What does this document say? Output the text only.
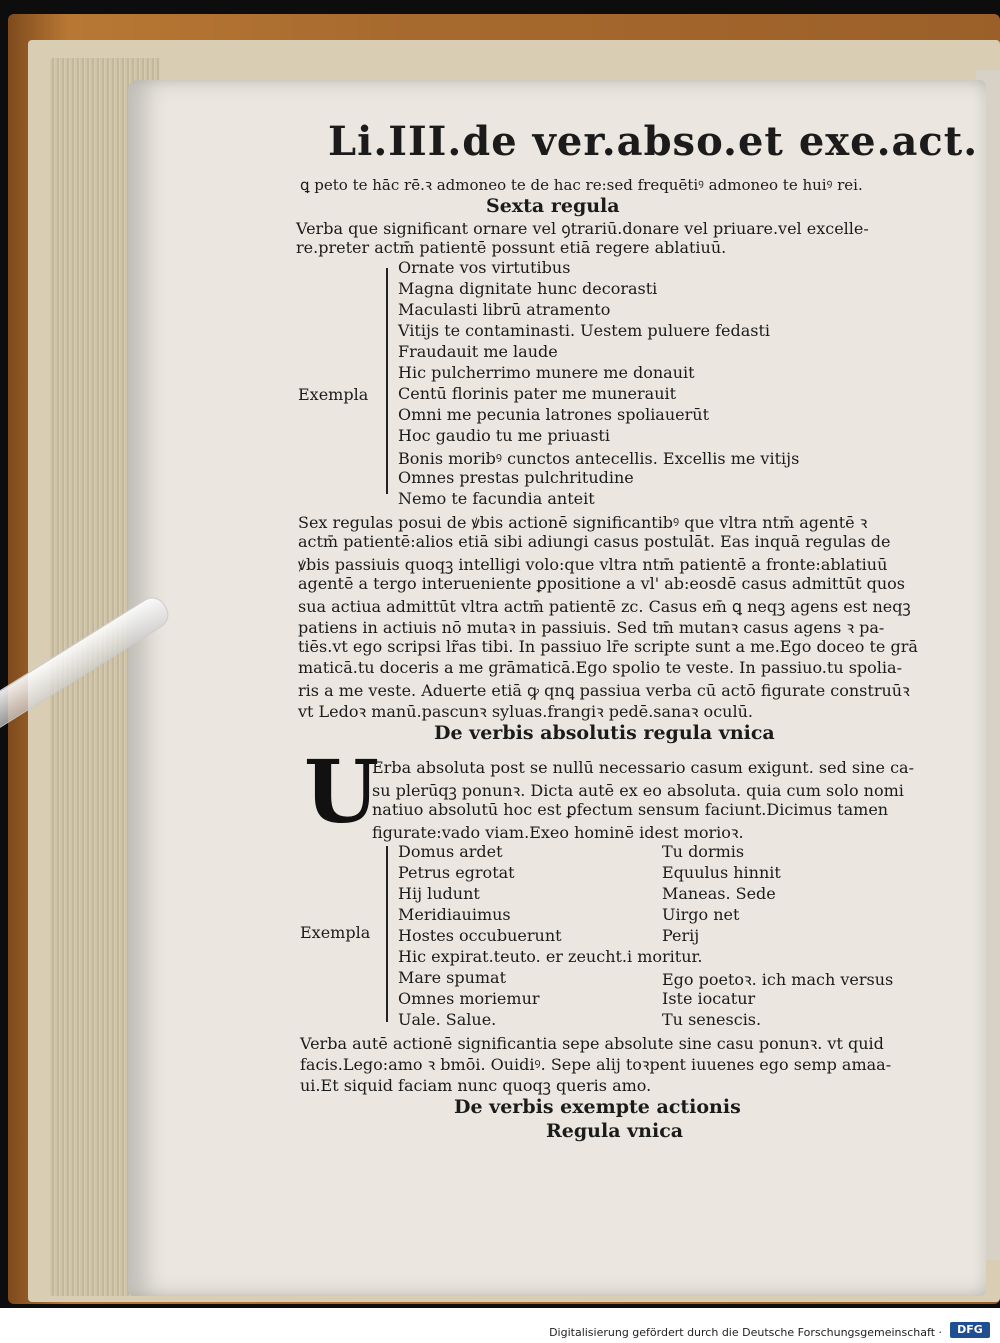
Li.III.de ver.abso.et exe.act.
ꝗ peto te hāc rē.ꝛ admoneo te de hac re:sed frequētiꝰ admoneo te huiꝰ rei.
Sexta regula
Verba que significant ornare vel ꝯtrariū.donare vel priuare.vel excelle-
re.preter actm̄ patientē possunt etiā regere ablatiuū.
Exempla
Ornate vos virtutibus
Magna dignitate hunc decorasti
Maculasti librū atramento
Vitijs te contaminasti. Uestem puluere fedasti
Fraudauit me laude
Hic pulcherrimo munere me donauit
Centū florinis pater me munerauit
Omni me pecunia latrones spoliauerūt
Hoc gaudio tu me priuasti
Bonis moribꝰ cunctos antecellis. Excellis me vitijs
Omnes prestas pulchritudine
Nemo te facundia anteit
Sex regulas posui de ꝟbis actionē significantibꝰ que vltra ntm̄ agentē ꝛ
actm̄ patientē:alios etiā sibi adiungi casus postulāt. Eas inquā regulas de
ꝟbis passiuis quoqꝫ intelligi volo:que vltra ntm̄ patientē a fronte:ablatiuū
agentē a tergo interueniente ꝑpositione a vl' ab:eosdē casus admittūt quos
sua actiua admittūt vltra actm̄ patientē zc. Casus em̄ ꝗ neqꝫ agens est neqꝫ
patiens in actiuis nō mutaꝛ in passiuis. Sed tm̄ mutanꝛ casus agens ꝛ pa-
tiēs.vt ego scripsi lr̃as tibi. In passiuo lr̄e scripte sunt a me.Ego doceo te grā
maticā.tu doceris a me grāmaticā.Ego spolio te veste. In passiuo.tu spolia-
ris a me veste. Aduerte etiā ꝙ qnꝗ passiua verba cū actō figurate construūꝛ
vt Ledoꝛ manū.pascunꝛ syluas.frangiꝛ pedē.sanaꝛ oculū.
De verbis absolutis regula vnica
U
Erba absoluta post se nullū necessario casum exigunt. sed sine ca-
su plerūqꝫ ponunꝛ. Dicta autē ex eo absoluta. quia cum solo nomi
natiuo absolutū hoc est ꝑfectum sensum faciunt.Dicimus tamen
figurate:vado viam.Exeo hominē idest morioꝛ.
Exempla
Domus ardet
Petrus egrotat
Hij ludunt
Meridiauimus
Hostes occubuerunt
Hic expirat.teuto. er zeucht.i moritur.
Mare spumat
Omnes moriemur
Uale. Salue.
Tu dormis
Equulus hinnit
Maneas. Sede
Uirgo net
Perij
Ego poetoꝛ. ich mach versus
Iste iocatur
Tu senescis.
Verba autē actionē significantia sepe absolute sine casu ponunꝛ. vt quid
facis.Lego:amo ꝛ bmōi. Ouidiꝰ. Sepe alij toꝛpent iuuenes ego semp amaa-
ui.Et siquid faciam nunc quoqꝫ queris amo.
De verbis exempte actionis
Regula vnica
Digitalisierung gefördert durch die Deutsche Forschungsgemeinschaft ·	DFG
